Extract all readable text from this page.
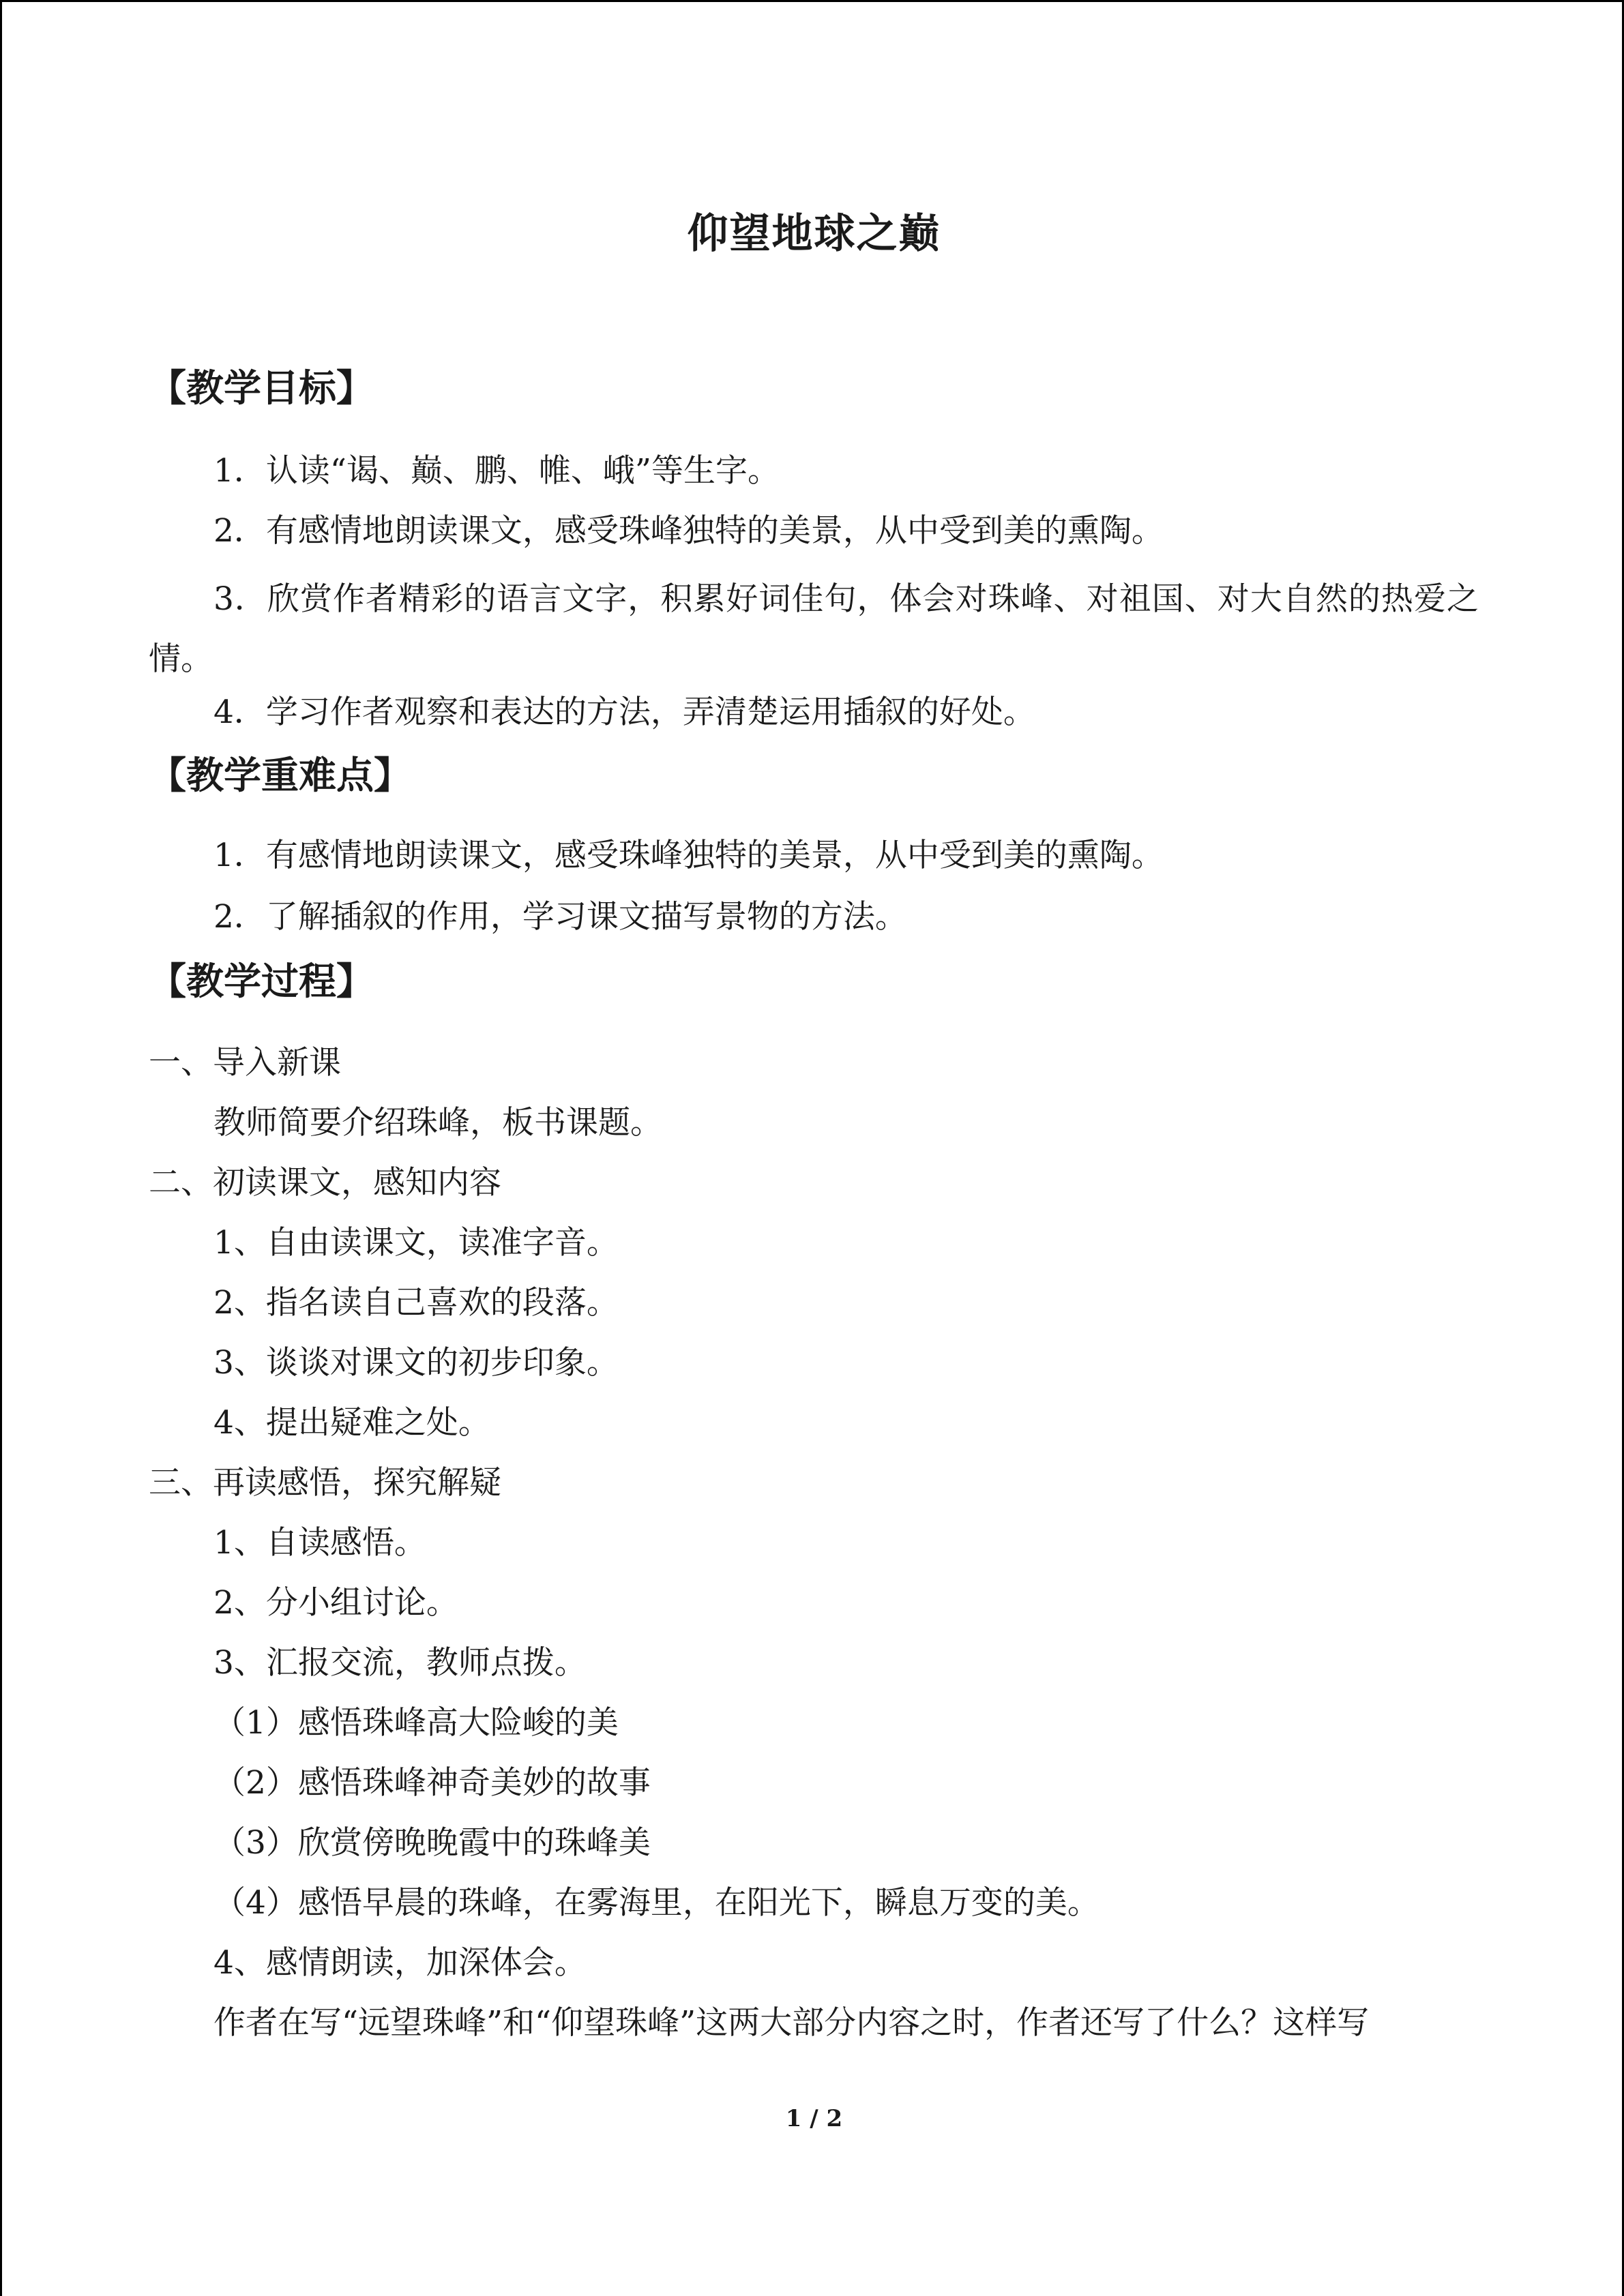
仰望地球之巅
【教学目标】
1．认读“谒、巅、鹏、帷、峨”等生字。
2．有感情地朗读课文，感受珠峰独特的美景，从中受到美的熏陶。
3．欣赏作者精彩的语言文字，积累好词佳句，体会对珠峰、对祖国、对大自然的热爱之情。
4．学习作者观察和表达的方法，弄清楚运用插叙的好处。
【教学重难点】
1．有感情地朗读课文，感受珠峰独特的美景，从中受到美的熏陶。
2．了解插叙的作用，学习课文描写景物的方法。
【教学过程】
一、导入新课
教师简要介绍珠峰，板书课题。
二、初读课文，感知内容
1、自由读课文，读准字音。
2、指名读自己喜欢的段落。
3、谈谈对课文的初步印象。
4、提出疑难之处。
三、再读感悟，探究解疑
1、自读感悟。
2、分小组讨论。
3、汇报交流，教师点拨。
（1）感悟珠峰高大险峻的美
（2）感悟珠峰神奇美妙的故事
（3）欣赏傍晚晚霞中的珠峰美
（4）感悟早晨的珠峰，在雾海里，在阳光下，瞬息万变的美。
4、感情朗读，加深体会。
作者在写“远望珠峰”和“仰望珠峰”这两大部分内容之时，作者还写了什么？这样写
1 / 2
